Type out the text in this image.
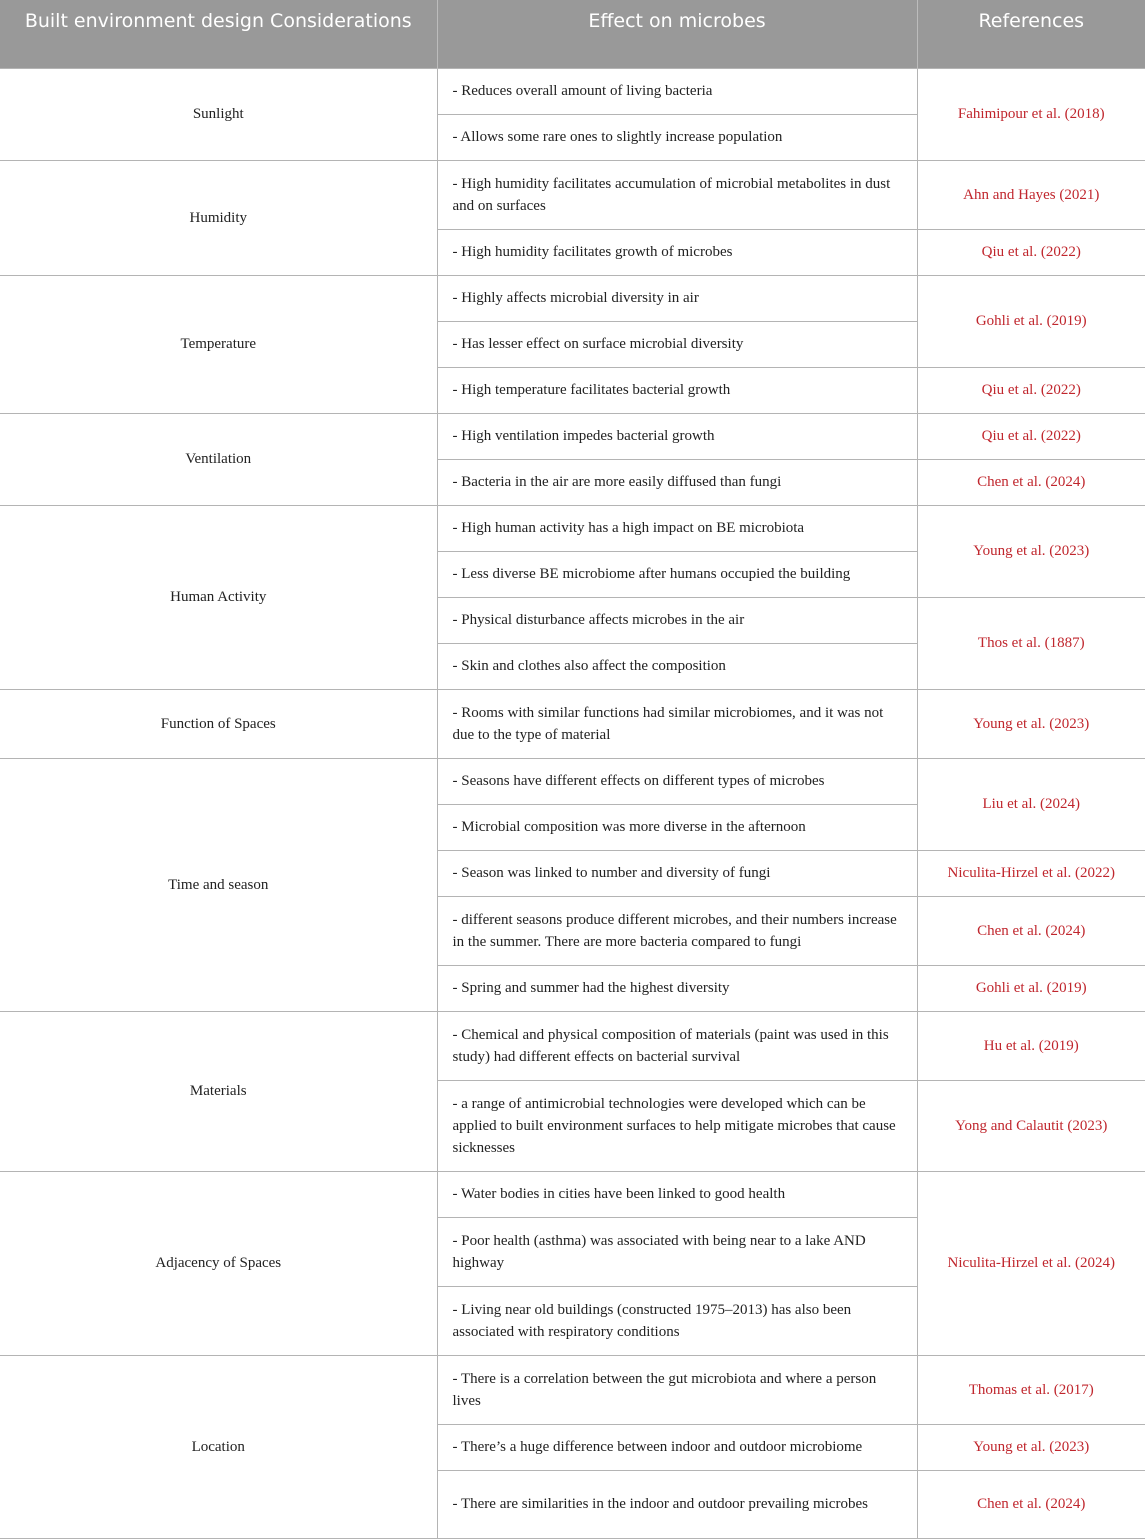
Built environment design Considerations	Effect on microbes	References
Sunlight	- Reduces overall amount of living bacteria	Fahimipour et al. (2018)
	- Allows some rare ones to slightly increase population	
Humidity	- High humidity facilitates accumulation of microbial metabolites in dust and on surfaces	Ahn and Hayes (2021)
	- High humidity facilitates growth of microbes	Qiu et al. (2022)
Temperature	- Highly affects microbial diversity in air	Gohli et al. (2019)
	- Has lesser effect on surface microbial diversity	
	- High temperature facilitates bacterial growth	Qiu et al. (2022)
Ventilation	- High ventilation impedes bacterial growth	Qiu et al. (2022)
	- Bacteria in the air are more easily diffused than fungi	Chen et al. (2024)
Human Activity	- High human activity has a high impact on BE microbiota	Young et al. (2023)
	- Less diverse BE microbiome after humans occupied the building	
	- Physical disturbance affects microbes in the air	Thos et al. (1887)
	- Skin and clothes also affect the composition	
Function of Spaces	- Rooms with similar functions had similar microbiomes, and it was not due to the type of material	Young et al. (2023)
Time and season	- Seasons have different effects on different types of microbes	Liu et al. (2024)
	- Microbial composition was more diverse in the afternoon	
	- Season was linked to number and diversity of fungi	Niculita-Hirzel et al. (2022)
	- different seasons produce different microbes, and their numbers increase in the summer. There are more bacteria compared to fungi	Chen et al. (2024)
	- Spring and summer had the highest diversity	Gohli et al. (2019)
Materials	- Chemical and physical composition of materials (paint was used in this study) had different effects on bacterial survival	Hu et al. (2019)
	- a range of antimicrobial technologies were developed which can be applied to built environment surfaces to help mitigate microbes that cause sicknesses	Yong and Calautit (2023)
Adjacency of Spaces	- Water bodies in cities have been linked to good health	Niculita-Hirzel et al. (2024)
	- Poor health (asthma) was associated with being near to a lake AND highway	
	- Living near old buildings (constructed 1975–2013) has also been associated with respiratory conditions	
Location	- There is a correlation between the gut microbiota and where a person lives	Thomas et al. (2017)
	- There’s a huge difference between indoor and outdoor microbiome	Young et al. (2023)
	- There are similarities in the indoor and outdoor prevailing microbes	Chen et al. (2024)
